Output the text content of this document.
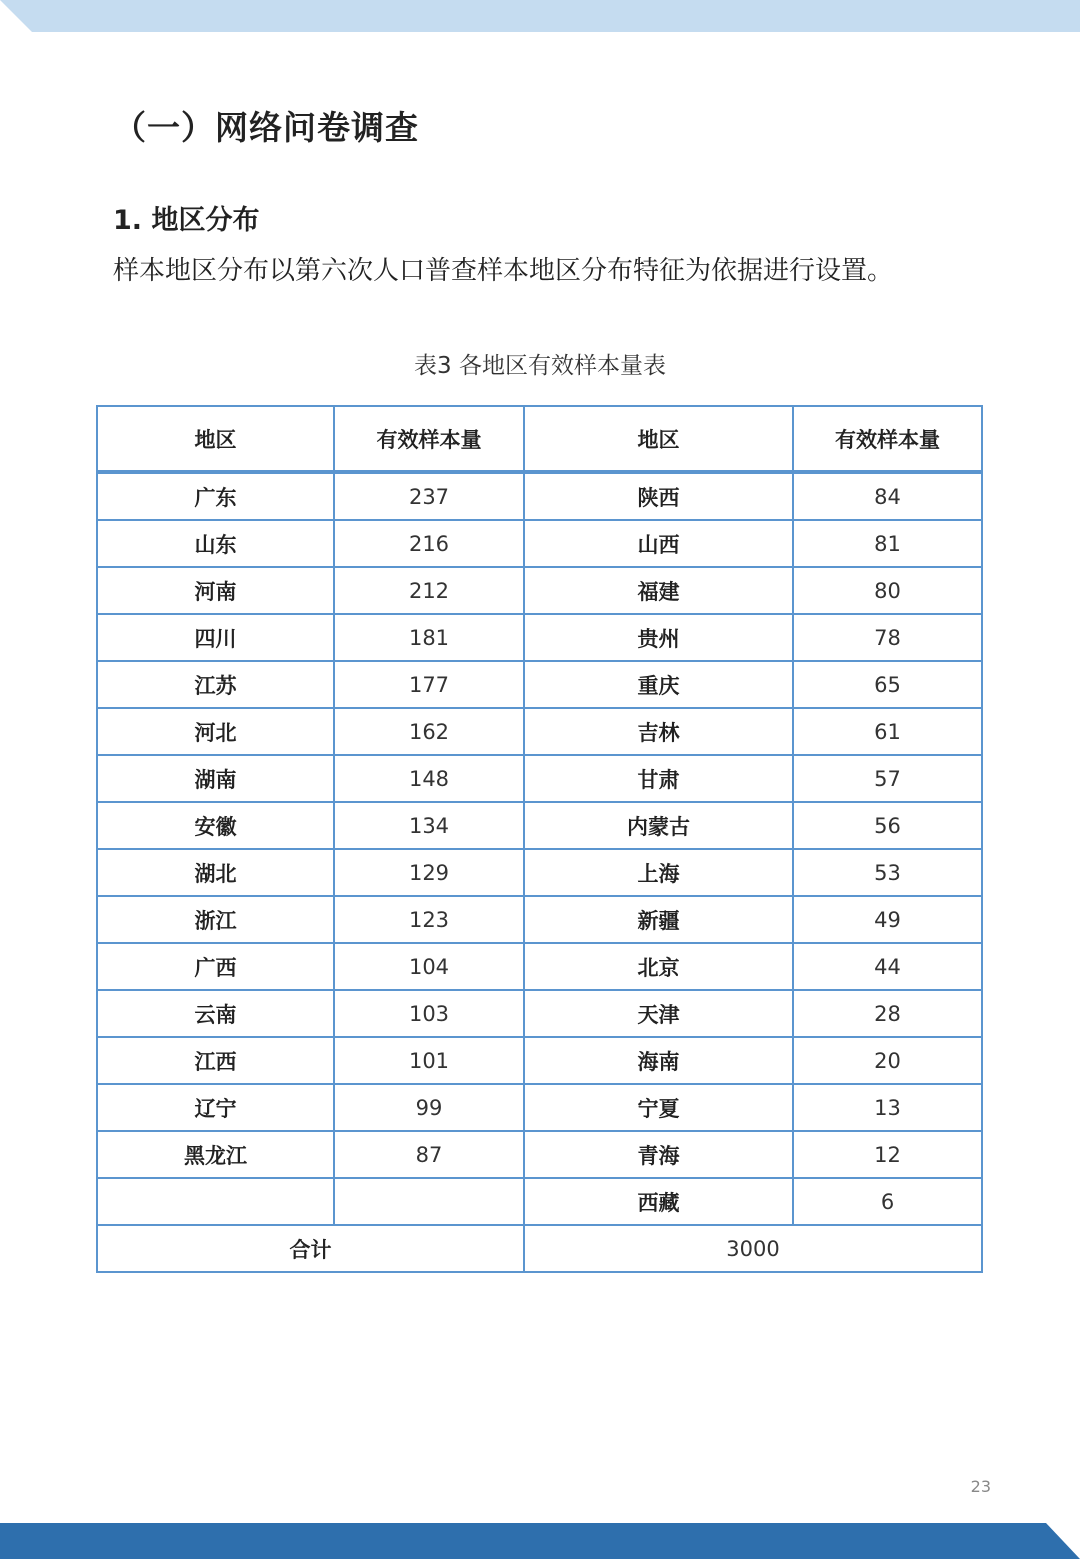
（一）网络问卷调查
1. 地区分布
样本地区分布以第六次人口普查样本地区分布特征为依据进行设置。
表3 各地区有效样本量表
地区	有效样本量	地区	有效样本量
广东	237	陕西	84
山东	216	山西	81
河南	212	福建	80
四川	181	贵州	78
江苏	177	重庆	65
河北	162	吉林	61
湖南	148	甘肃	57
安徽	134	内蒙古	56
湖北	129	上海	53
浙江	123	新疆	49
广西	104	北京	44
云南	103	天津	28
江西	101	海南	20
辽宁	99	宁夏	13
黑龙江	87	青海	12
		西藏	6
合计		3000	
23
